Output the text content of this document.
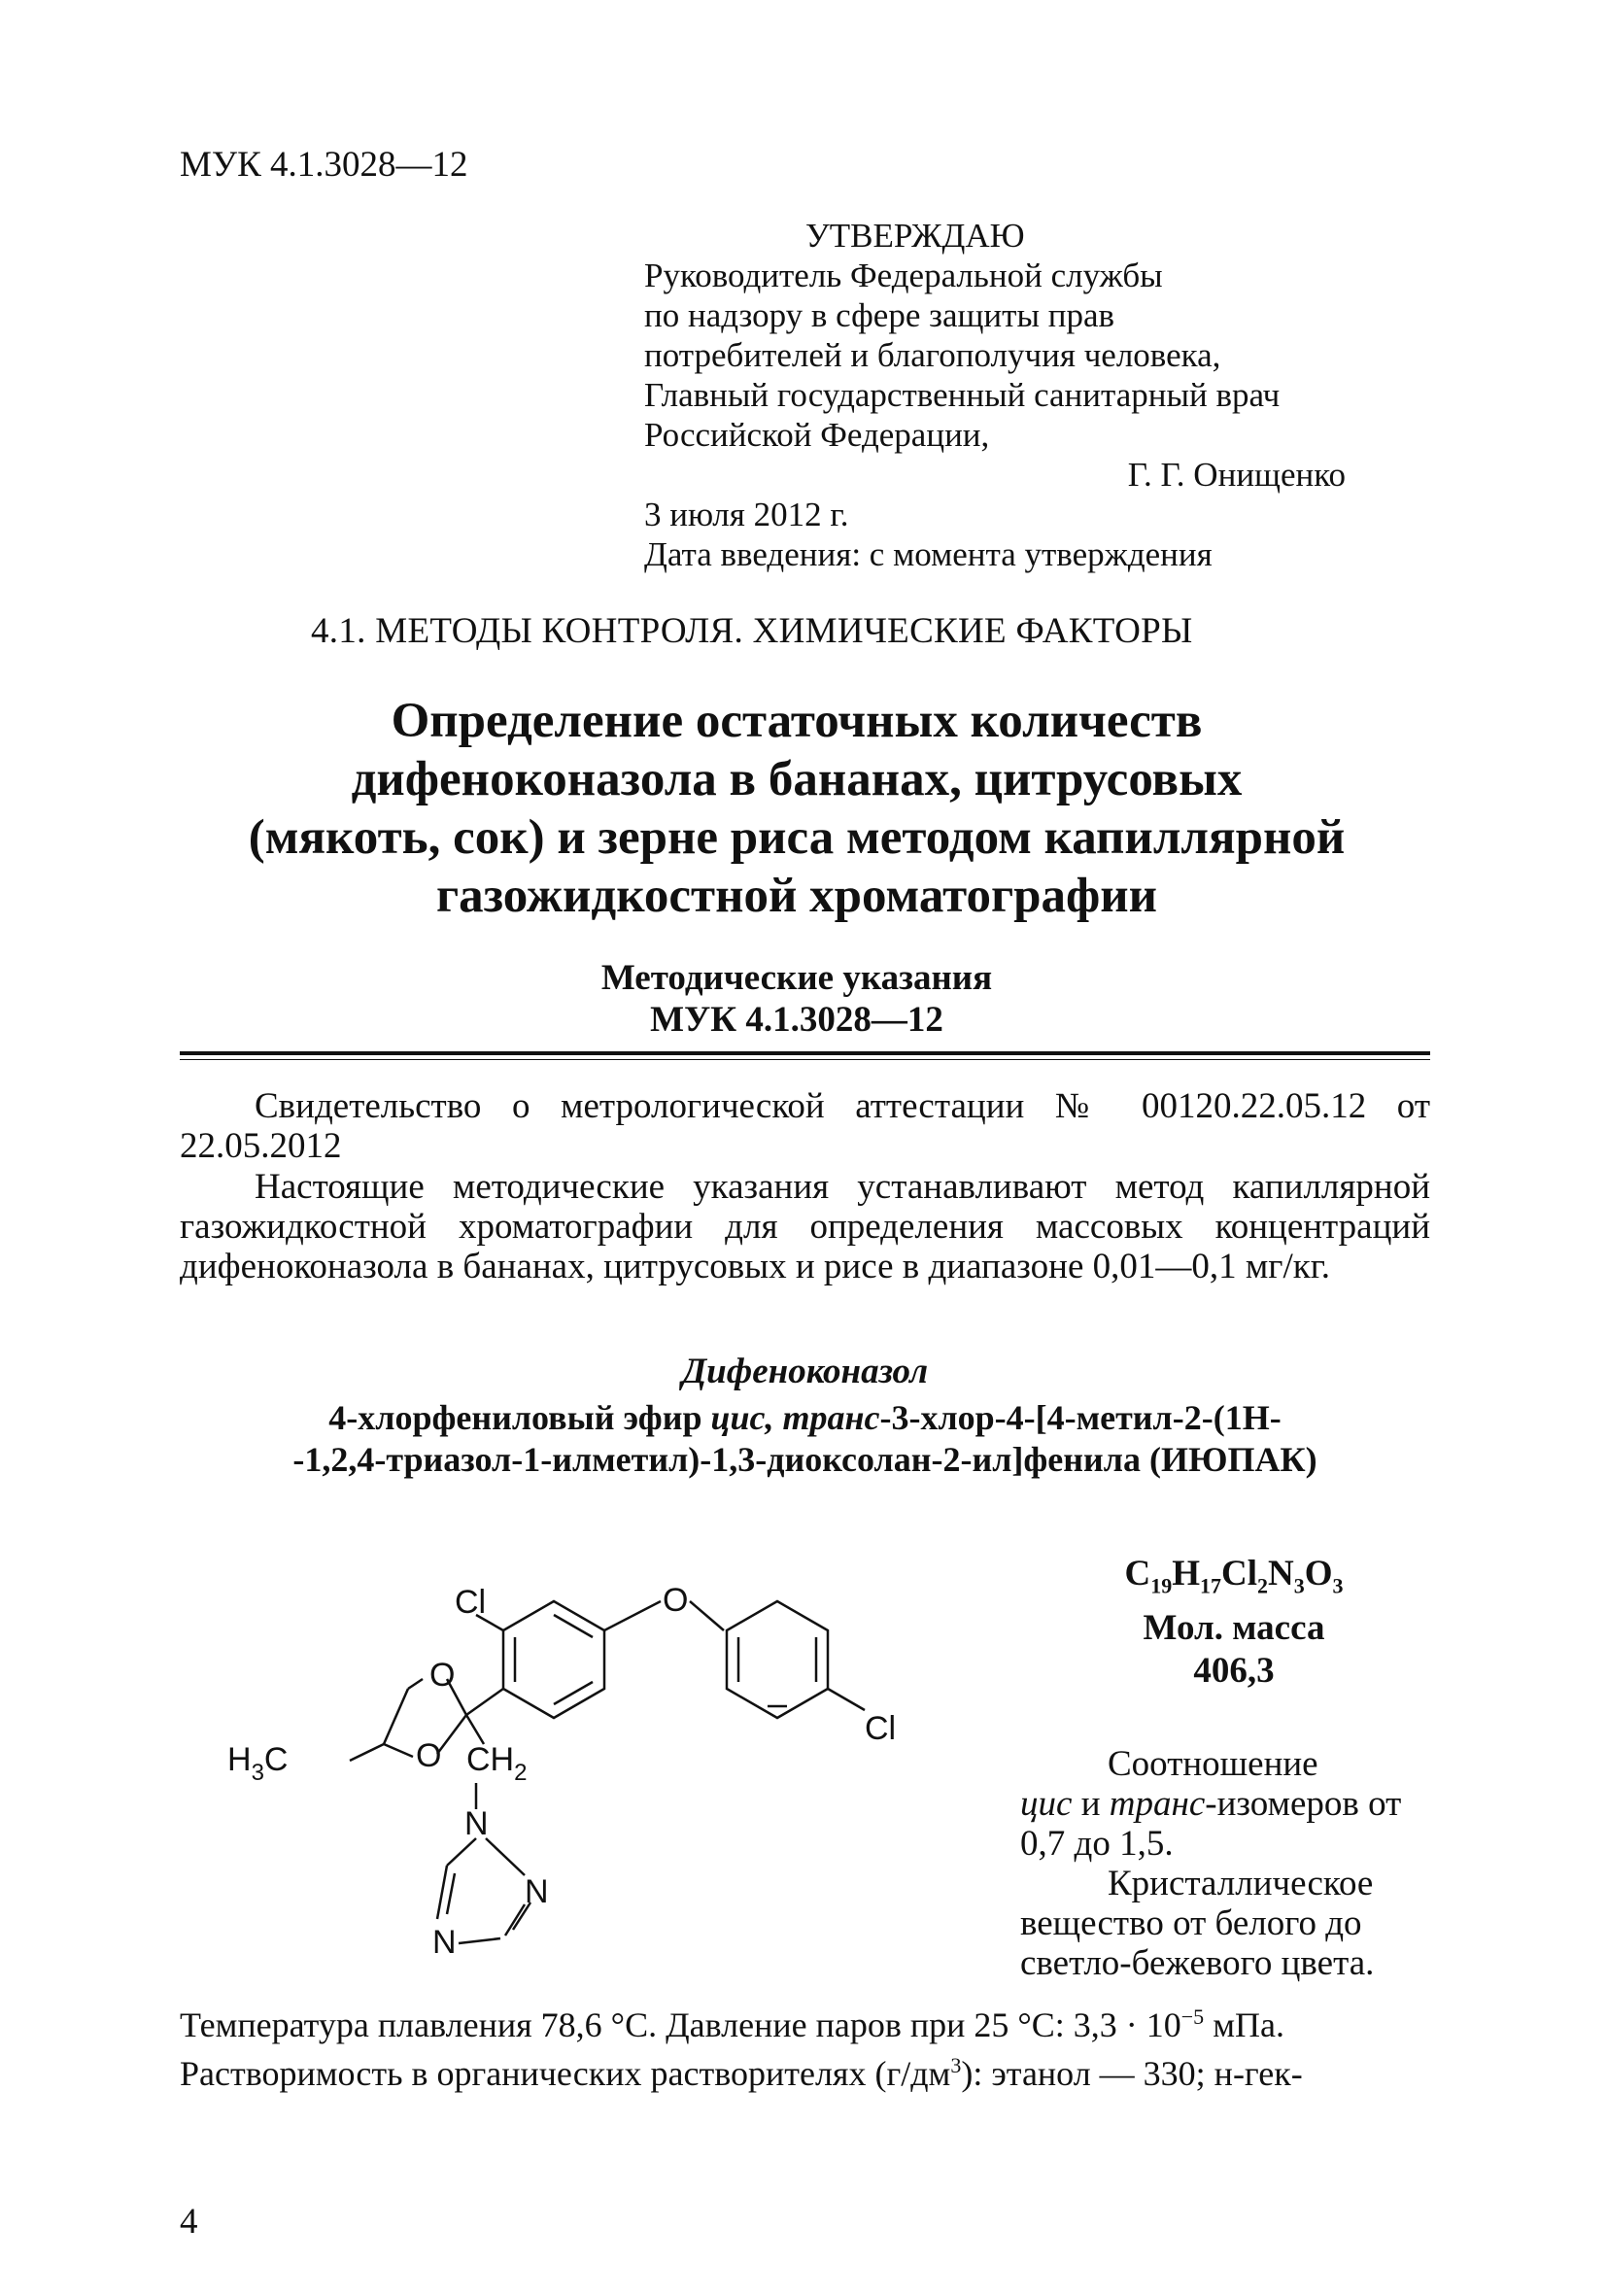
МУК 4.1.3028—12
УТВЕРЖДАЮ
Руководитель Федеральной службы
по надзору в сфере защиты прав
потребителей и благополучия человека,
Главный государственный санитарный врач
Российской Федерации,
Г. Г. Онищенко
3 июля 2012 г.
Дата введения: с момента утверждения
4.1. МЕТОДЫ КОНТРОЛЯ. ХИМИЧЕСКИЕ ФАКТОРЫ
Определение остаточных количеств
дифеноконазола в бананах, цитрусовых
(мякоть, сок) и зерне риса методом капиллярной
газожидкостной хроматографии
Методические указания
МУК 4.1.3028—12
Свидетельство о метрологической аттестации № 00120.22.05.12 от 22.05.2012
Настоящие методические указания устанавливают метод капиллярной газожидкостной хроматографии для определения массовых концентраций дифеноконазола в бананах, цитрусовых и рисе в диапазоне 0,01—0,1 мг/кг.
Дифеноконазол
4-хлорфениловый эфир цис, транс-3-хлор-4-[4-метил-2-(1Н-
-1,2,4-триазол-1-илметил)-1,3-диоксолан-2-ил]фенила (ИЮПАК)
Cl	O
O
O
Cl
$H_3C$	$CH_2$
N
N
N
$C_{19}H_{17}Cl_2N_3O_3$
Мол. масса
406,3
Соотношение
цис и транс-изомеров от 0,7 до 1,5.
Кристаллическое вещество от белого до светло-бежевого цвета.
Температура плавления 78,6 °С. Давление паров при 25 °С: $3,3 \cdot 10^{-5}$ мПа.
Растворимость в органических растворителях $(г/дм^3)$: этанол — 330; н-гек-
4
